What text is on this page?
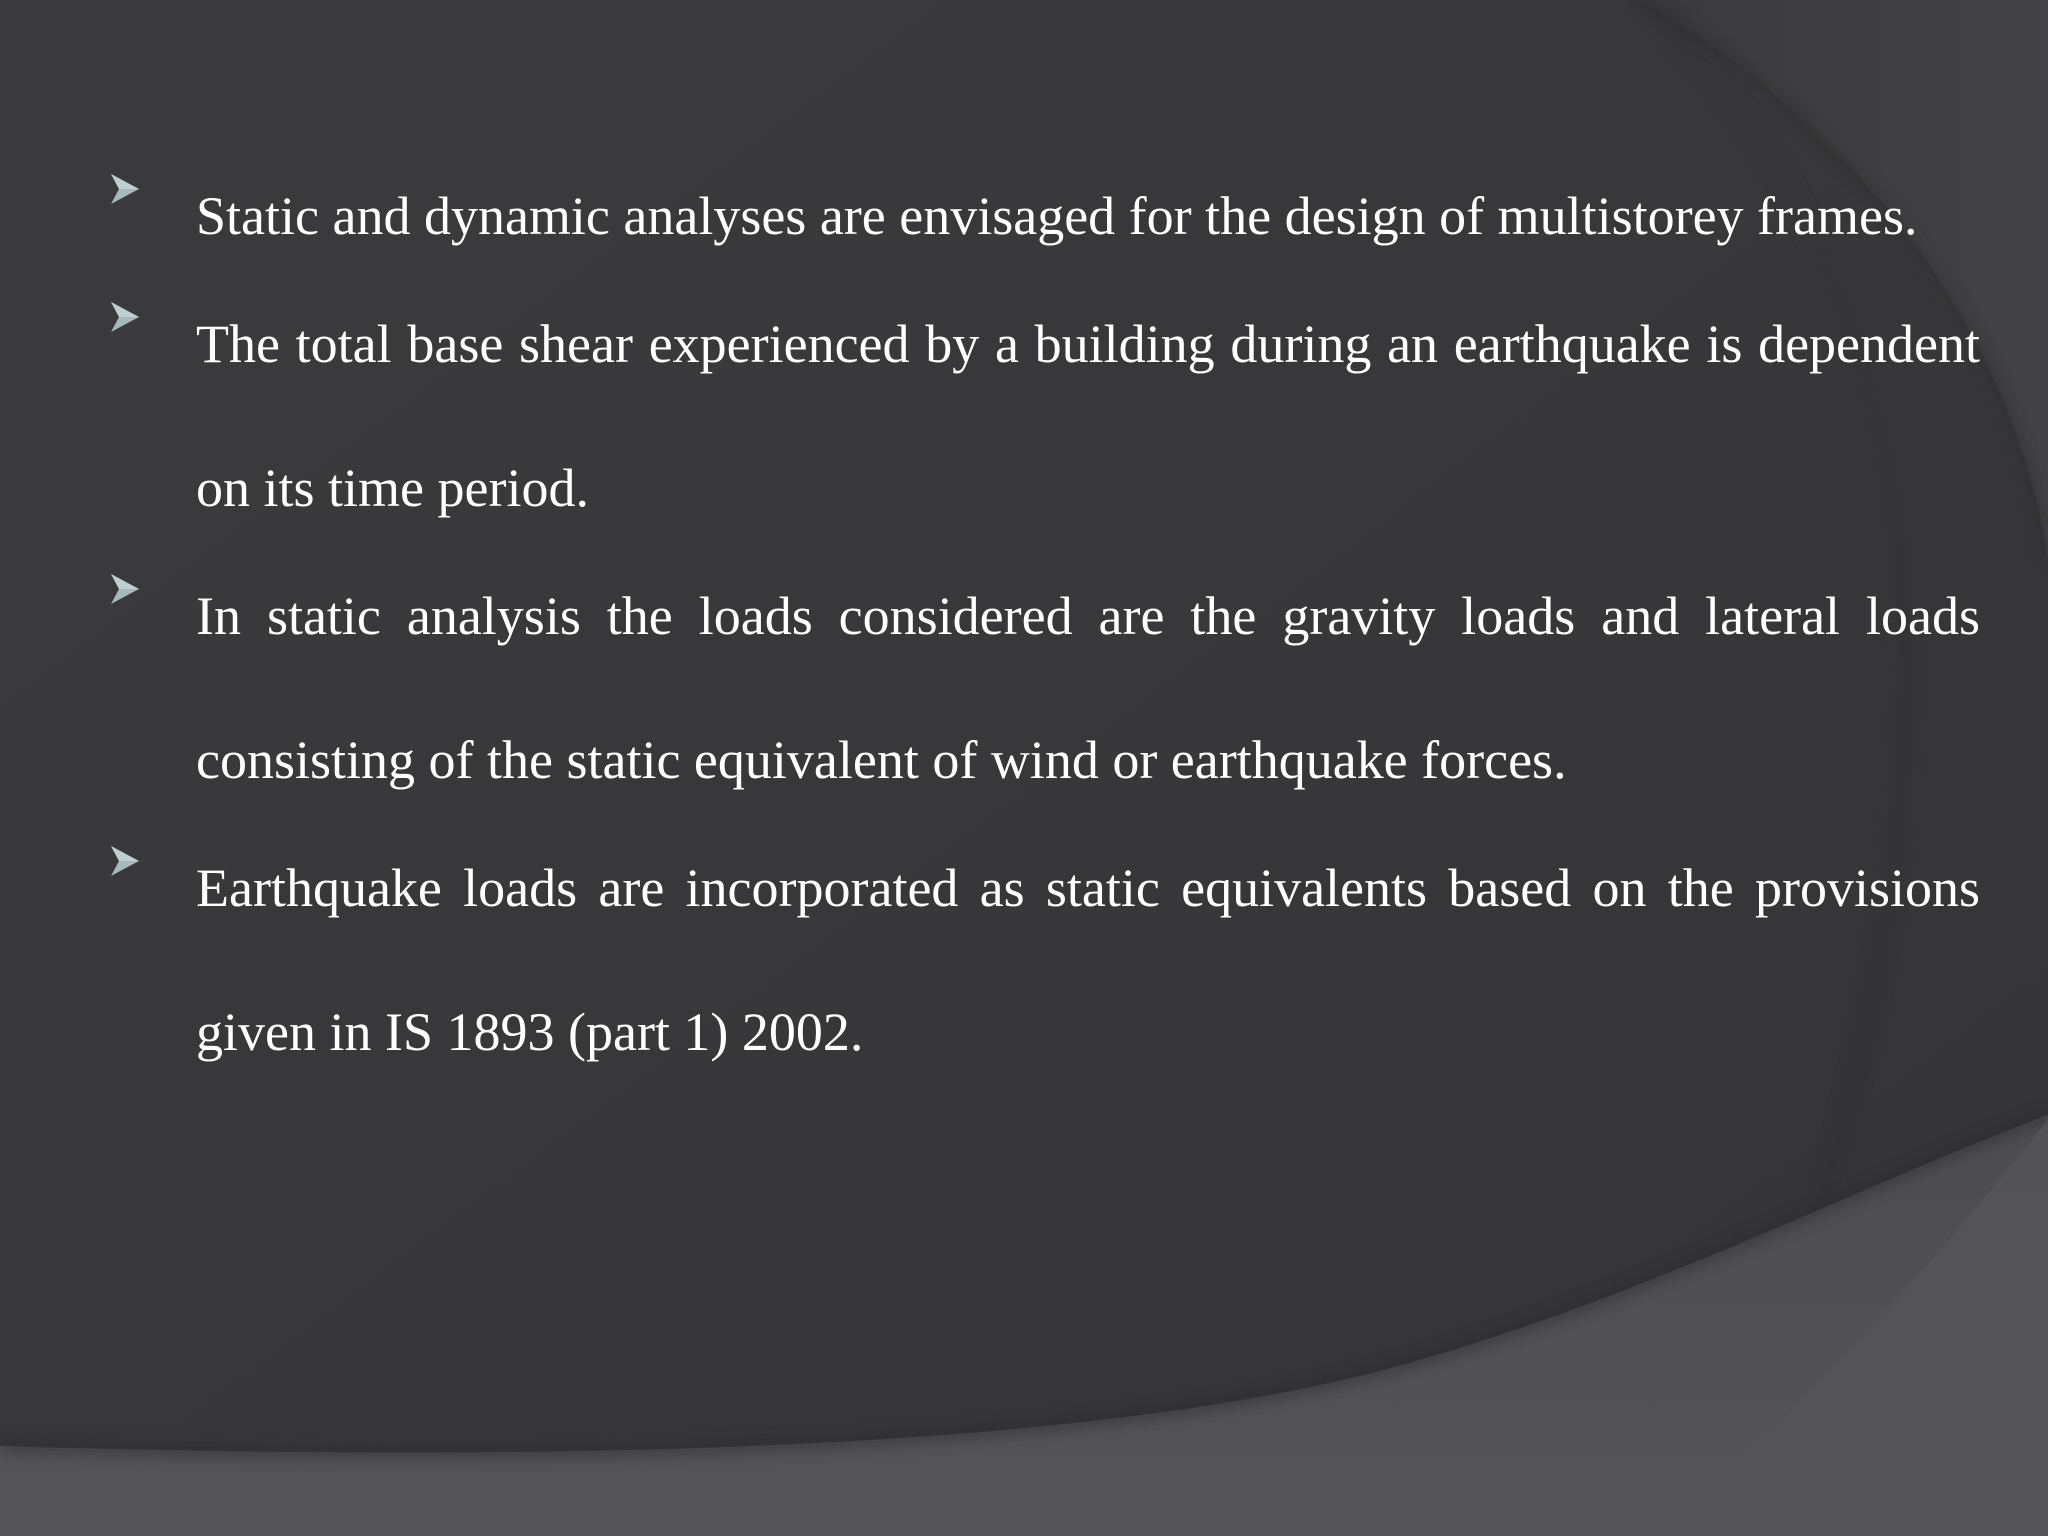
Static and dynamic analyses are envisaged for the design of multistorey frames.
The total base shear experienced by a building during an earthquake is dependent on its time period.
In static analysis the loads considered are the gravity loads and lateral loads consisting of the static equivalent of wind or earthquake forces.
Earthquake loads are incorporated as static equivalents based on the provisions given in IS 1893 (part 1) 2002.
